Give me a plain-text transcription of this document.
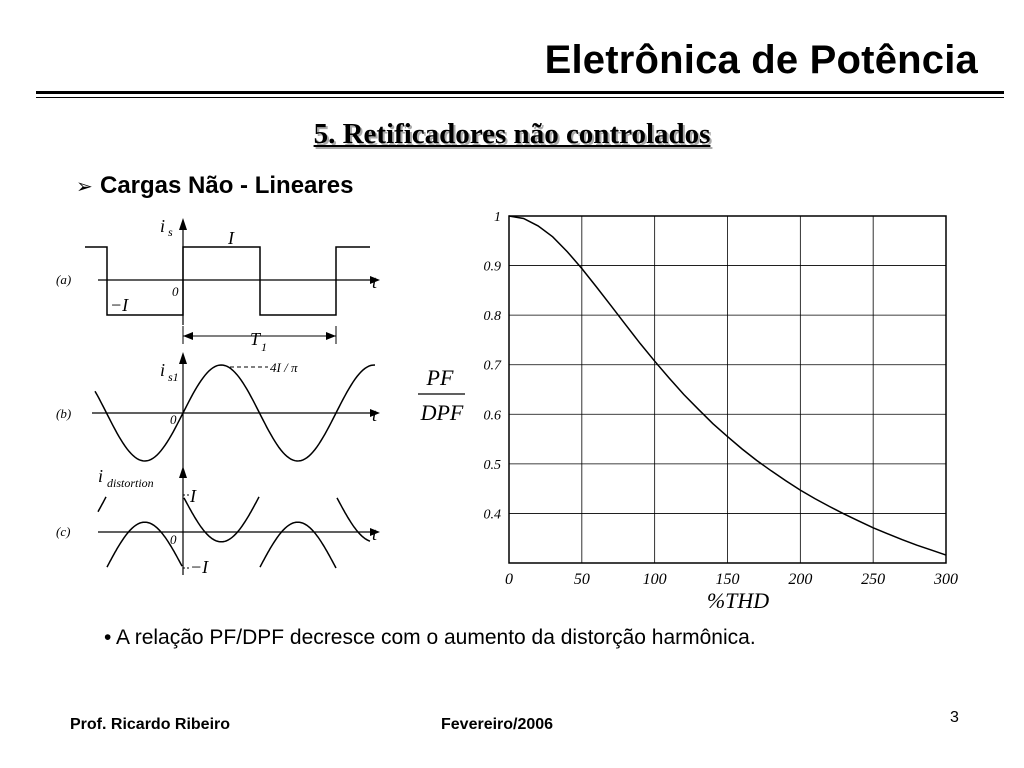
Eletrônica de Potência
5. Retificadores não controlados
➢ Cargas Não - Lineares
(a)
i s	I
−I
0	t
T 1
(b)
i s1
4I / π
0	t
(c)
i distortion
I
−I
0	t
0	50	100	150	200	250	300
0.4
0.5
0.6
0.7
0.8
0.9
1
PF
DPF
%THD
• A relação PF/DPF decresce com o aumento da distorção harmônica.
Prof. Ricardo Ribeiro	Fevereiro/2006	3
